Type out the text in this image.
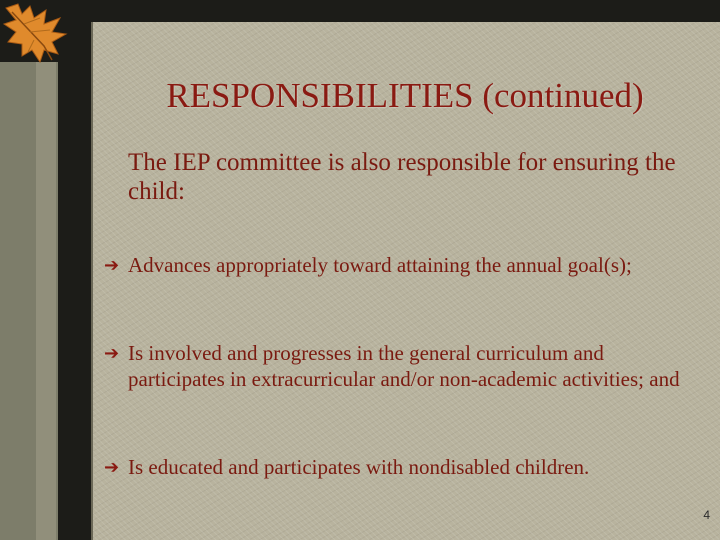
RESPONSIBILITIES (continued)
The IEP committee is also responsible for ensuring the child:
➔ Advances appropriately toward attaining the annual goal(s);
➔ Is involved and progresses in the general curriculum and participates in extracurricular and/or non-academic activities; and
➔ Is educated and participates with nondisabled children.
4
